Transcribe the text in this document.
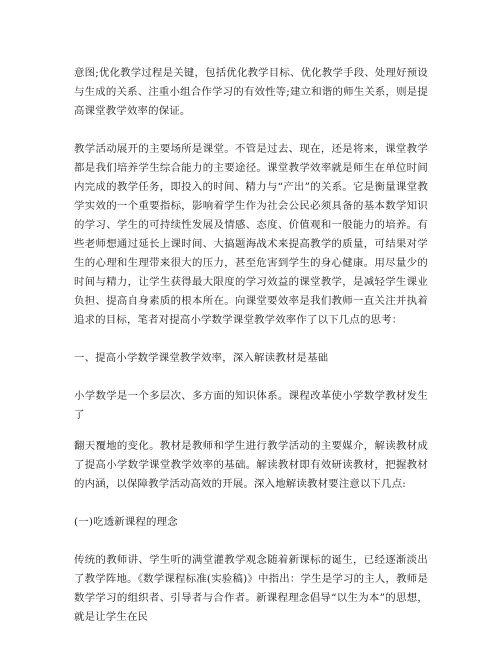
意图;优化教学过程是关键，包括优化教学目标、优化教学手段、处理好预设与生成的关系、注重小组合作学习的有效性等;建立和谐的师生关系，则是提高课堂教学效率的保证。

教学活动展开的主要场所是课堂。不管是过去、现在，还是将来，课堂教学都是我们培养学生综合能力的主要途径。课堂教学效率就是师生在单位时间内完成的教学任务，即投入的时间、精力与“产出”的关系。它是衡量课堂教学实效的一个重要指标，影响着学生作为社会公民必须具备的基本数学知识的学习、学生的可持续性发展及情感、态度、价值观和一般能力的培养。有些老师想通过延长上课时间、大搞题海战术来提高教学的质量，可结果对学生的心理和生理带来很大的压力，甚至危害到学生的身心健康。用尽量少的时间与精力，让学生获得最大限度的学习效益的课堂教学，是减轻学生课业负担、提高自身素质的根本所在。向课堂要效率是我们教师一直关注并执着追求的目标，笔者对提高小学数学课堂教学效率作了以下几点的思考：

一、提高小学数学课堂教学效率，深入解读教材是基础

小学数学是一个多层次、多方面的知识体系。课程改革使小学数学教材发生了

翻天覆地的变化。教材是教师和学生进行教学活动的主要媒介，解读教材成了提高小学数学课堂教学效率的基础。解读教材即有效研读教材，把握教材的内涵，以保障教学活动高效的开展。深入地解读教材要注意以下几点:

(一)吃透新课程的理念

传统的教师讲、学生听的满堂灌教学观念随着新课标的诞生，已经逐渐淡出了教学阵地。《数学课程标准(实验稿)》中指出：学生是学习的主人，教师是数学学习的组织者、引导者与合作者。新课程理念倡导“以生为本”的思想，就是让学生在民
